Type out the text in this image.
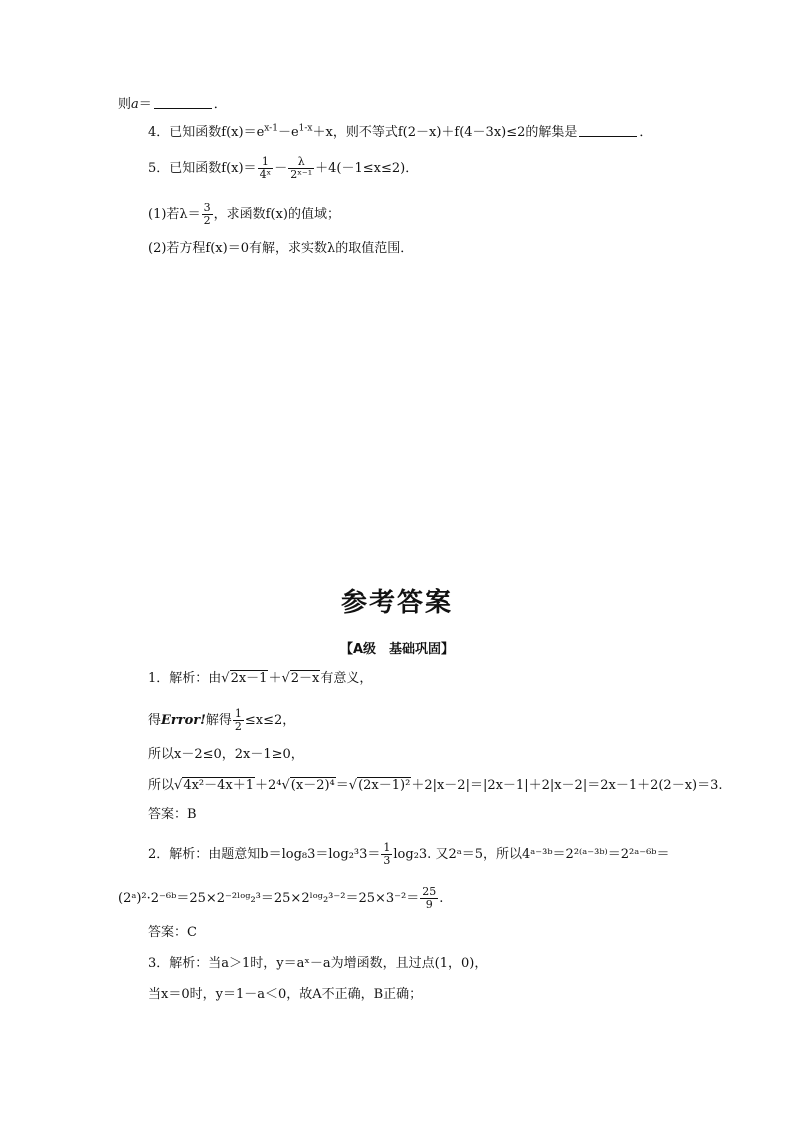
则a＝	．
4．已知函数$f(x)=e^{x-1}-e^{1-x}+x$，则不等式f(2－x)＋f(4－3x)≤2的解集是	．
5．已知函数$f(x)= \frac{1}{\text{4ˣ}} - \frac{\lambda}{\text{2ˣ⁻¹}} +4(-1\le x\le 2)$．
(1)若$\lambda= \frac{3}{2}$ ，求函数f(x)的值域；
(2)若方程f(x)＝0有解，求实数λ的取值范围．
参考答案
【A级　基础巩固】
1．解析：由√2x－1＋√2－x有意义，
得Error!解得 $\frac{1}{2} \le x\le 2$，
所以x－2≤0，2x－1≥0，
所以√4x²－4x＋1＋2⁴√(x－2)⁴＝√(2x－1)²＋2|x－2|＝|2x－1|＋2|x－2|＝2x－1＋2(2－x)＝3.
答案：B
2．解析：由题意知$b=\log_83=\log_2^33= \frac{1}{3} \log_23$. 又2ᵃ＝5，所以4ᵃ⁻³ᵇ＝2²⁽ᵃ⁻³ᵇ⁾＝2²ᵃ⁻⁶ᵇ＝
(2ᵃ)²·2⁻⁶ᵇ＝25×2⁻²ˡᵒᵍ₂³＝25×2ˡᵒᵍ₂³⁻²＝25×3⁻²＝ $\frac{25}{9}$ .
答案：C
3．解析：当a＞1时，y＝aˣ－a为增函数，且过点(1，0)，
当x＝0时，y＝1－a＜0，故A不正确，B正确；
